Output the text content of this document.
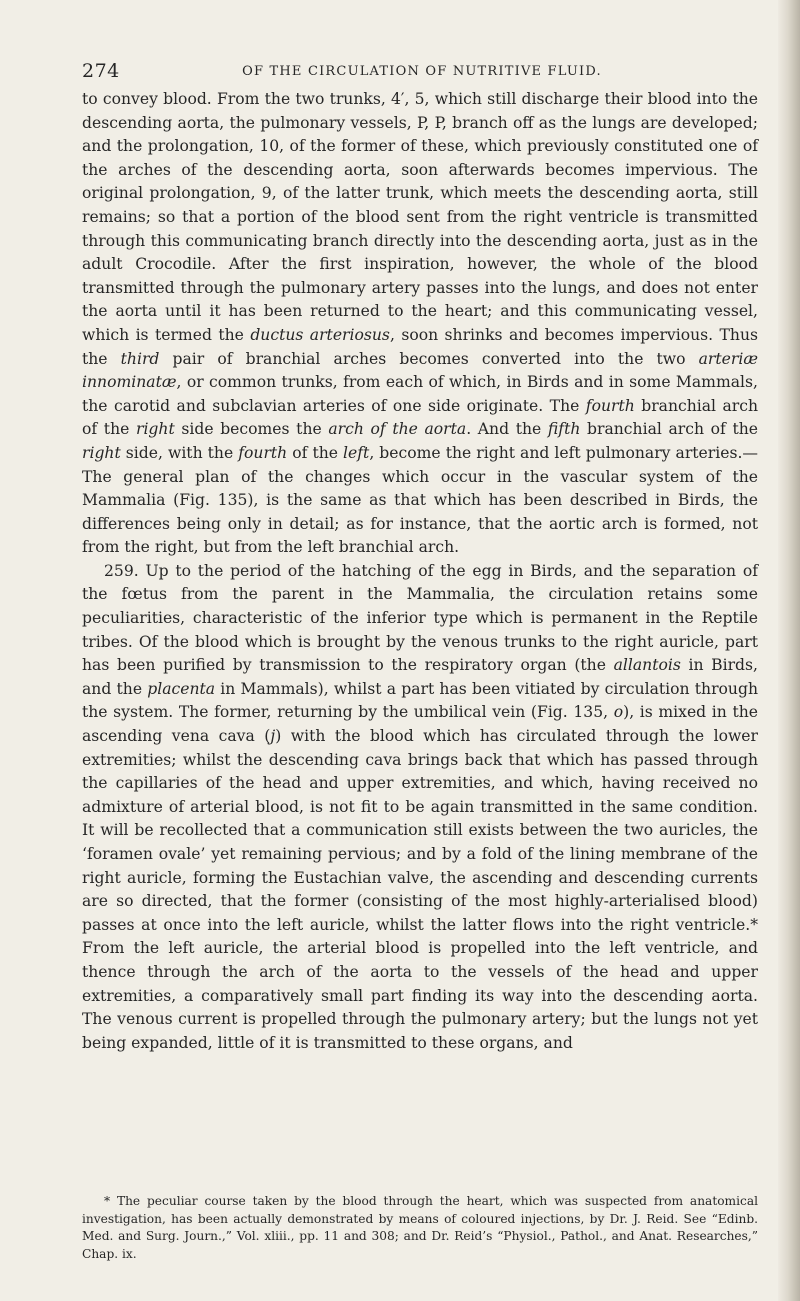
274	OF THE CIRCULATION OF NUTRITIVE FLUID.

to convey blood. From the two trunks, 4′, 5, which still discharge their blood into the descending aorta, the pulmonary vessels, P, P, branch off as the lungs are developed; and the prolongation, 10, of the former of these, which previously constituted one of the arches of the descending aorta, soon afterwards becomes impervious. The original prolongation, 9, of the latter trunk, which meets the descending aorta, still remains; so that a portion of the blood sent from the right ventricle is transmitted through this communicating branch directly into the descending aorta, just as in the adult Crocodile. After the first inspiration, however, the whole of the blood transmitted through the pulmonary artery passes into the lungs, and does not enter the aorta until it has been returned to the heart; and this communicating vessel, which is termed the ductus arteriosus, soon shrinks and becomes impervious. Thus the third pair of branchial arches becomes converted into the two arteriæ innominatæ, or common trunks, from each of which, in Birds and in some Mammals, the carotid and subclavian arteries of one side originate. The fourth branchial arch of the right side becomes the arch of the aorta. And the fifth branchial arch of the right side, with the fourth of the left, become the right and left pulmonary arteries.—The general plan of the changes which occur in the vascular system of the Mammalia (Fig. 135), is the same as that which has been described in Birds, the differences being only in detail; as for instance, that the aortic arch is formed, not from the right, but from the left branchial arch.

259. Up to the period of the hatching of the egg in Birds, and the separation of the fœtus from the parent in the Mammalia, the circulation retains some peculiarities, characteristic of the inferior type which is permanent in the Reptile tribes. Of the blood which is brought by the venous trunks to the right auricle, part has been purified by transmission to the respiratory organ (the allantois in Birds, and the placenta in Mammals), whilst a part has been vitiated by circulation through the system. The former, returning by the umbilical vein (Fig. 135, o), is mixed in the ascending vena cava (j) with the blood which has circulated through the lower extremities; whilst the descending cava brings back that which has passed through the capillaries of the head and upper extremities, and which, having received no admixture of arterial blood, is not fit to be again transmitted in the same condition. It will be recollected that a communication still exists between the two auricles, the ‘foramen ovale’ yet remaining pervious; and by a fold of the lining membrane of the right auricle, forming the Eustachian valve, the ascending and descending currents are so directed, that the former (consisting of the most highly-arterialised blood) passes at once into the left auricle, whilst the latter flows into the right ventricle.* From the left auricle, the arterial blood is propelled into the left ventricle, and thence through the arch of the aorta to the vessels of the head and upper extremities, a comparatively small part finding its way into the descending aorta. The venous current is propelled through the pulmonary artery; but the lungs not yet being expanded, little of it is transmitted to these organs, and

* The peculiar course taken by the blood through the heart, which was suspected from anatomical investigation, has been actually demonstrated by means of coloured injections, by Dr. J. Reid. See “Edinb. Med. and Surg. Journ.,” Vol. xliii., pp. 11 and 308; and Dr. Reid’s “Physiol., Pathol., and Anat. Researches,” Chap. ix.
